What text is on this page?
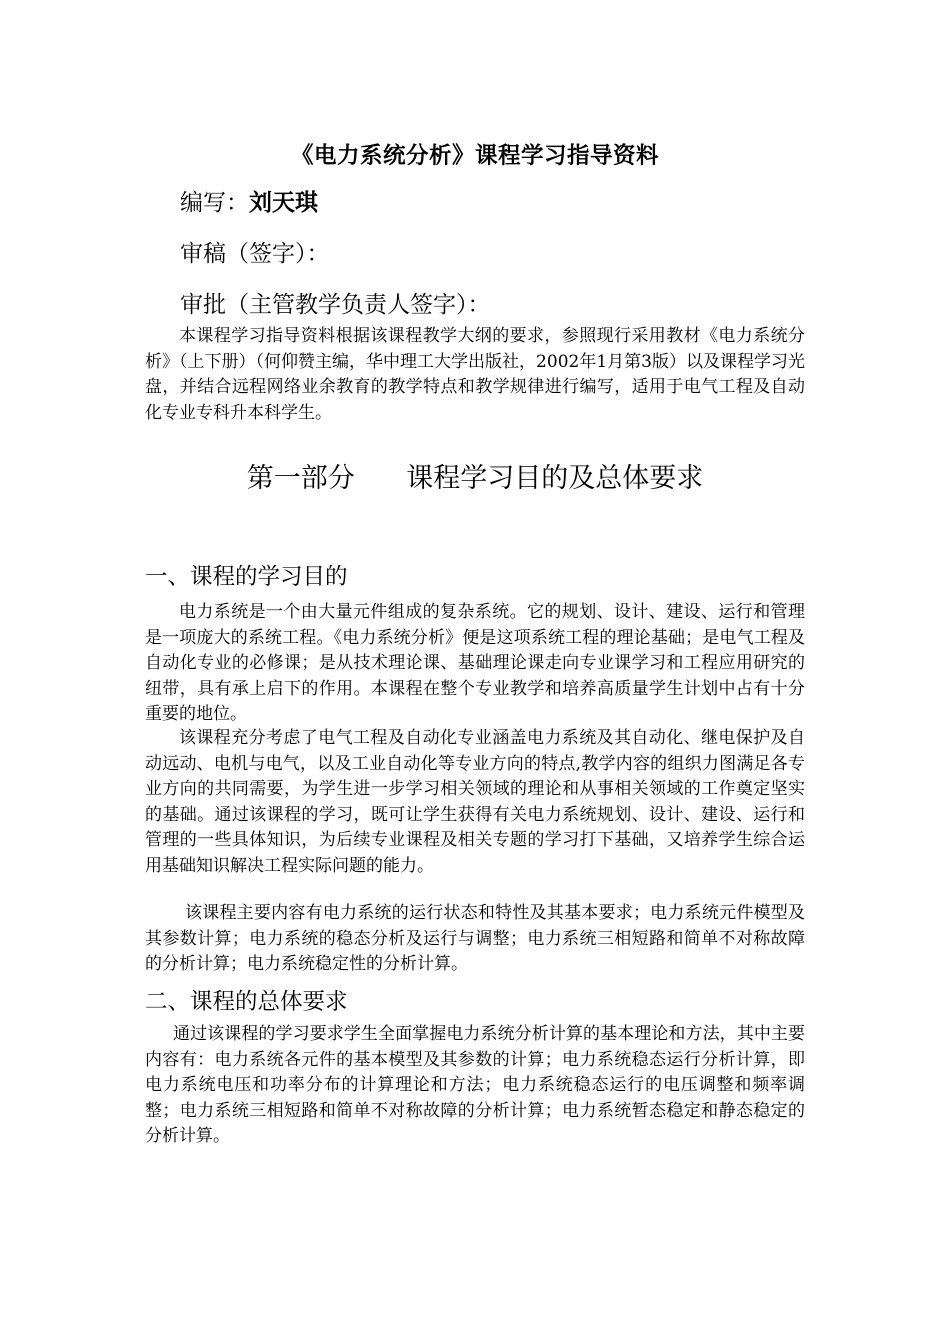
《电力系统分析》课程学习指导资料
编写：刘天琪
审稿（签字）：
审批（主管教学负责人签字）：

本课程学习指导资料根据该课程教学大纲的要求，参照现行采用教材《电力系统分析》（上下册）（何仰赞主编，华中理工大学出版社，2002年1月第3版）以及课程学习光盘，并结合远程网络业余教育的教学特点和教学规律进行编写，适用于电气工程及自动化专业专科升本科学生。

第一部分 课程学习目的及总体要求
一、课程的学习目的

电力系统是一个由大量元件组成的复杂系统。它的规划、设计、建设、运行和管理是一项庞大的系统工程。《电力系统分析》便是这项系统工程的理论基础；是电气工程及自动化专业的必修课；是从技术理论课、基础理论课走向专业课学习和工程应用研究的纽带，具有承上启下的作用。本课程在整个专业教学和培养高质量学生计划中占有十分重要的地位。

该课程充分考虑了电气工程及自动化专业涵盖电力系统及其自动化、继电保护及自动远动、电机与电气，以及工业自动化等专业方向的特点,教学内容的组织力图满足各专业方向的共同需要，为学生进一步学习相关领域的理论和从事相关领域的工作奠定坚实的基础。通过该课程的学习，既可让学生获得有关电力系统规划、设计、建设、运行和管理的一些具体知识，为后续专业课程及相关专题的学习打下基础，又培养学生综合运用基础知识解决工程实际问题的能力。

该课程主要内容有电力系统的运行状态和特性及其基本要求；电力系统元件模型及其参数计算；电力系统的稳态分析及运行与调整；电力系统三相短路和简单不对称故障的分析计算；电力系统稳定性的分析计算。

二、课程的总体要求

通过该课程的学习要求学生全面掌握电力系统分析计算的基本理论和方法，其中主要内容有：电力系统各元件的基本模型及其参数的计算；电力系统稳态运行分析计算，即电力系统电压和功率分布的计算理论和方法；电力系统稳态运行的电压调整和频率调整；电力系统三相短路和简单不对称故障的分析计算；电力系统暂态稳定和静态稳定的分析计算。
